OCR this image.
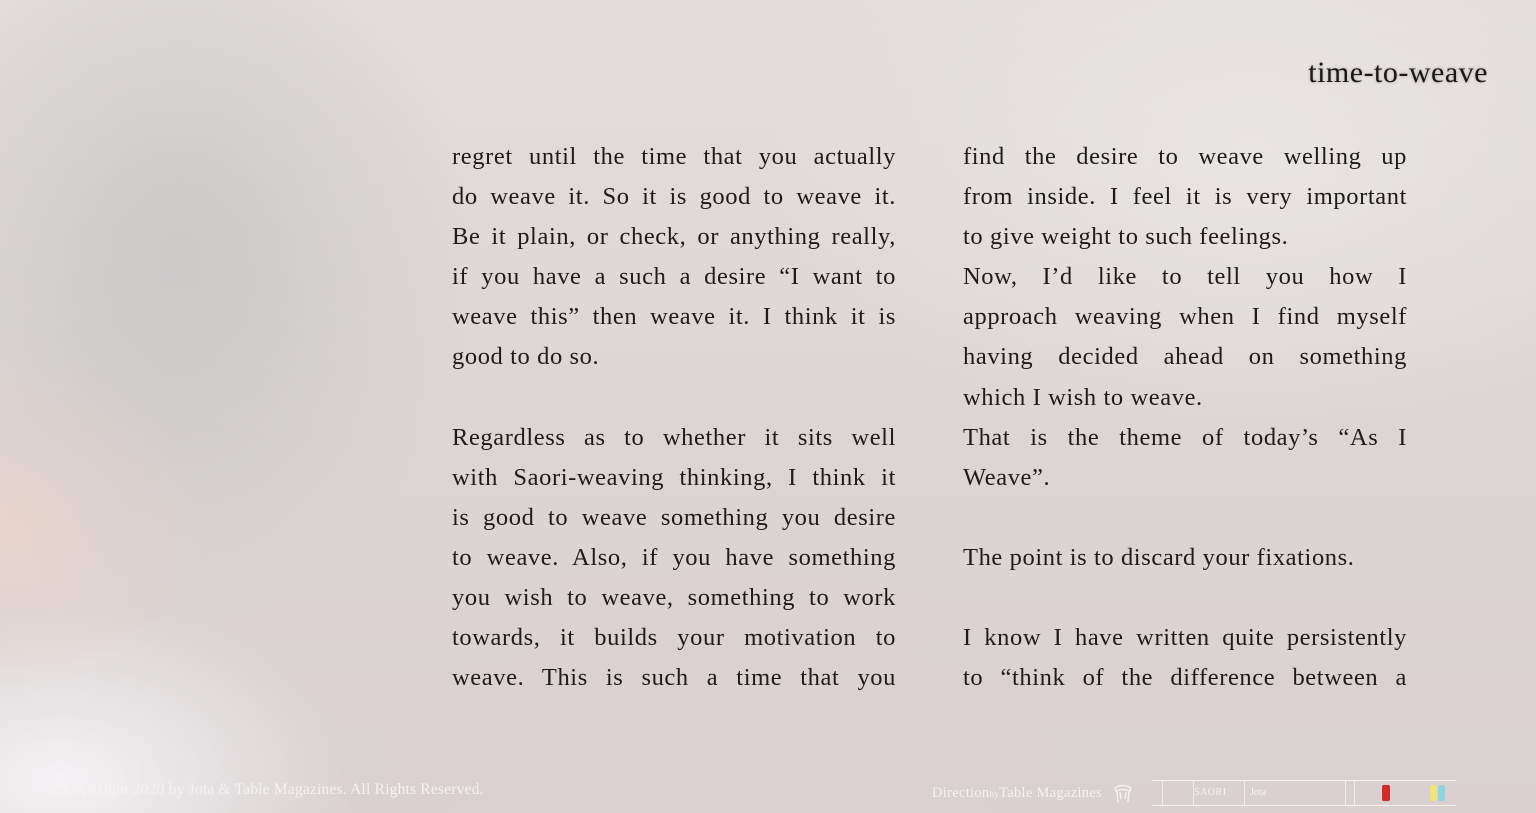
time-to-weave
regret until the time that you actually
do weave it. So it is good to weave it.
Be it plain, or check, or anything really,
if you have a such a desire “I want to
weave this” then weave it. I think it is
good to do so.

Regardless as to whether it sits well
with Saori-weaving thinking, I think it
is good to weave something you desire
to weave. Also, if you have something
you wish to weave, something to work
towards, it builds your motivation to
weave. This is such a time that you
find the desire to weave welling up
from inside. I feel it is very important
to give weight to such feelings.
Now, I’d like to tell you how I
approach weaving when I find myself
having decided ahead on something
which I wish to weave.
That is the theme of today’s “As I
Weave”.

The point is to discard your fixations.

I know I have written quite persistently
to “think of the difference between a
© Copyright 2020 by Jota & Table Magazines. All Rights Reserved.	DirectionbyTable Magazines	SAORI Jota
